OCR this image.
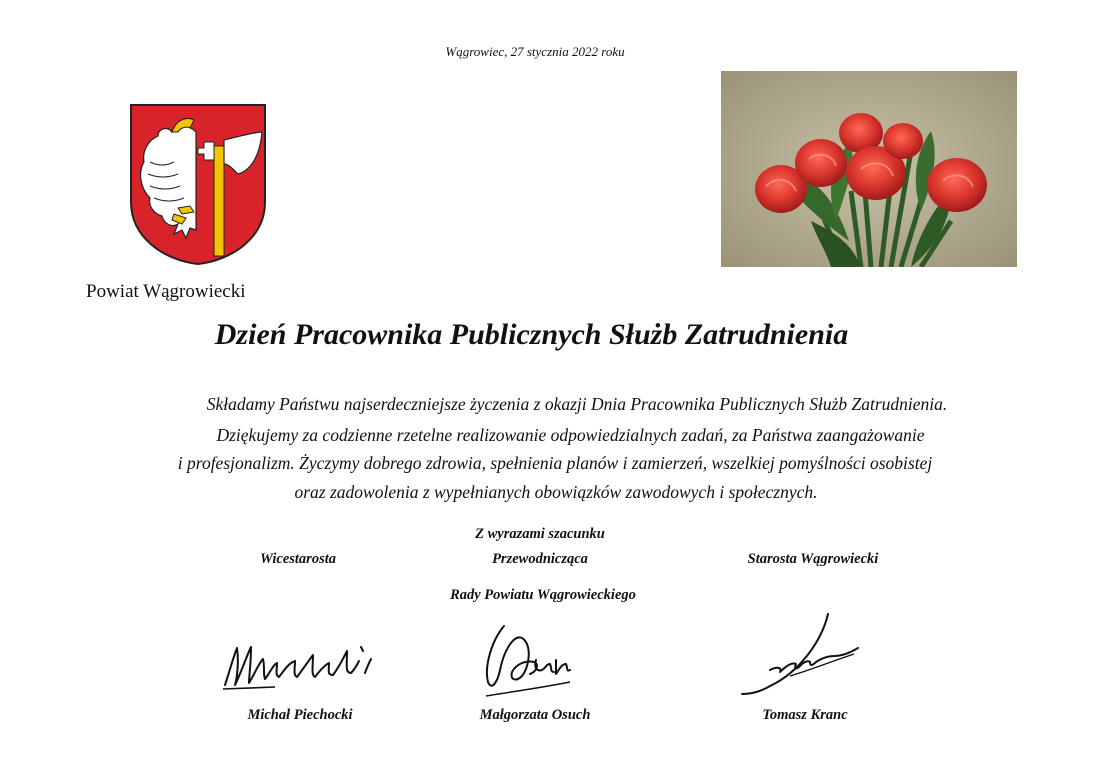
Wągrowiec, 27 stycznia 2022 roku
Powiat Wągrowiecki
Dzień Pracownika Publicznych Służb Zatrudnienia
Składamy Państwu najserdeczniejsze życzenia z okazji Dnia Pracownika Publicznych Służb Zatrudnienia.
Dziękujemy za codzienne rzetelne realizowanie odpowiedzialnych zadań, za Państwa zaangażowanie
i profesjonalizm. Życzymy dobrego zdrowia, spełnienia planów i zamierzeń, wszelkiej pomyślności osobistej
oraz zadowolenia z wypełnianych obowiązków zawodowych i społecznych.
Z wyrazami szacunku
Wicestarosta	Przewodnicząca	Starosta Wągrowiecki
Rady Powiatu Wągrowieckiego
Michał Piechocki	Małgorzata Osuch	Tomasz Kranc
